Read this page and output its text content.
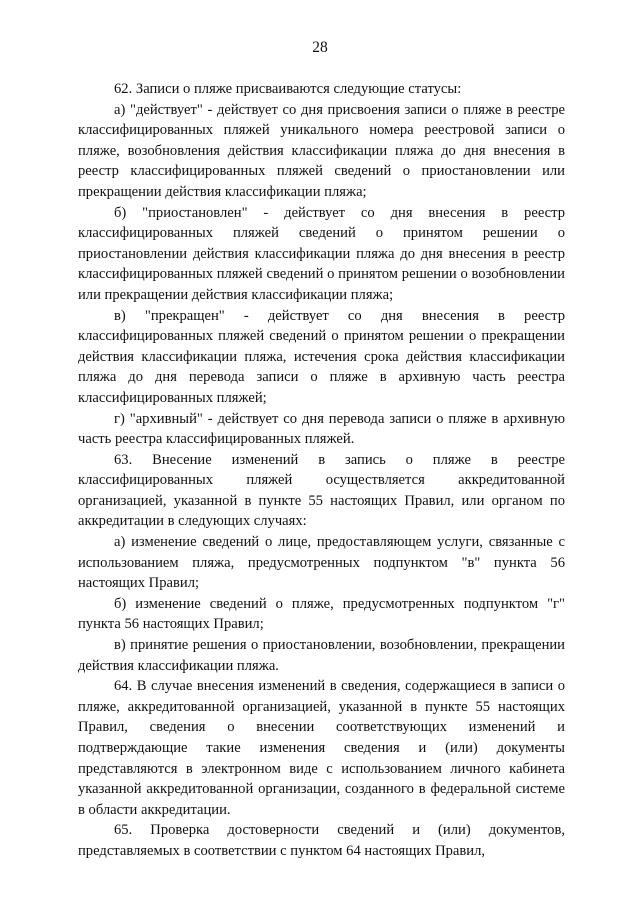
28

62. Записи о пляже присваиваются следующие статусы:

а) "действует" - действует со дня присвоения записи о пляже в реестре классифицированных пляжей уникального номера реестровой записи о пляже, возобновления действия классификации пляжа до дня внесения в реестр классифицированных пляжей сведений о приостановлении или прекращении действия классификации пляжа;

б) "приостановлен" - действует со дня внесения в реестр классифицированных пляжей сведений о принятом решении о приостановлении действия классификации пляжа до дня внесения в реестр классифицированных пляжей сведений о принятом решении о возобновлении или прекращении действия классификации пляжа;

в) "прекращен" - действует со дня внесения в реестр классифицированных пляжей сведений о принятом решении о прекращении действия классификации пляжа, истечения срока действия классификации пляжа до дня перевода записи о пляже в архивную часть реестра классифицированных пляжей;

г) "архивный" - действует со дня перевода записи о пляже в архивную часть реестра классифицированных пляжей.

63. Внесение изменений в запись о пляже в реестре классифицированных пляжей осуществляется аккредитованной организацией, указанной в пункте 55 настоящих Правил, или органом по аккредитации в следующих случаях:

а) изменение сведений о лице, предоставляющем услуги, связанные с использованием пляжа, предусмотренных подпунктом "в" пункта 56 настоящих Правил;

б) изменение сведений о пляже, предусмотренных подпунктом "г" пункта 56 настоящих Правил;

в) принятие решения о приостановлении, возобновлении, прекращении действия классификации пляжа.

64. В случае внесения изменений в сведения, содержащиеся в записи о пляже, аккредитованной организацией, указанной в пункте 55 настоящих Правил, сведения о внесении соответствующих изменений и подтверждающие такие изменения сведения и (или) документы представляются в электронном виде с использованием личного кабинета указанной аккредитованной организации, созданного в федеральной системе в области аккредитации.

65. Проверка достоверности сведений и (или) документов, представляемых в соответствии с пунктом 64 настоящих Правил,
